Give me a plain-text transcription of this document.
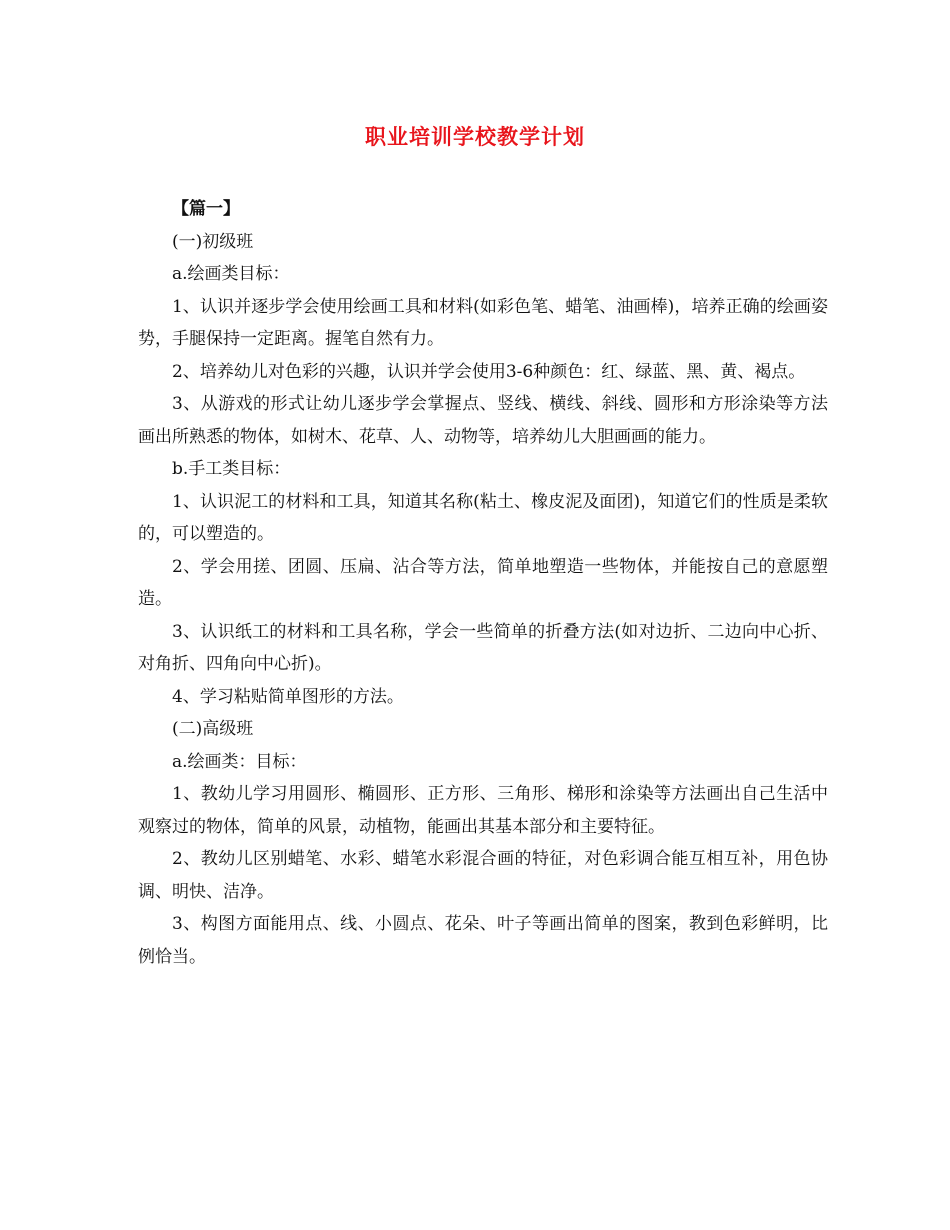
职业培训学校教学计划

【篇一】

(一)初级班

a.绘画类目标：

1、认识并逐步学会使用绘画工具和材料(如彩色笔、蜡笔、油画棒)，培养正确的绘画姿势，手腿保持一定距离。握笔自然有力。

2、培养幼儿对色彩的兴趣，认识并学会使用3-6种颜色：红、绿蓝、黑、黄、褐点。

3、从游戏的形式让幼儿逐步学会掌握点、竖线、横线、斜线、圆形和方形涂染等方法画出所熟悉的物体，如树木、花草、人、动物等，培养幼儿大胆画画的能力。

b.手工类目标：

1、认识泥工的材料和工具，知道其名称(粘土、橡皮泥及面团)，知道它们的性质是柔软的，可以塑造的。

2、学会用搓、团圆、压扁、沾合等方法，简单地塑造一些物体，并能按自己的意愿塑造。

3、认识纸工的材料和工具名称，学会一些简单的折叠方法(如对边折、二边向中心折、对角折、四角向中心折)。

4、学习粘贴简单图形的方法。

(二)高级班

a.绘画类：目标：

1、教幼儿学习用圆形、椭圆形、正方形、三角形、梯形和涂染等方法画出自己生活中观察过的物体，简单的风景，动植物，能画出其基本部分和主要特征。

2、教幼儿区别蜡笔、水彩、蜡笔水彩混合画的特征，对色彩调合能互相互补，用色协调、明快、洁净。

3、构图方面能用点、线、小圆点、花朵、叶子等画出简单的图案，教到色彩鲜明，比例恰当。
